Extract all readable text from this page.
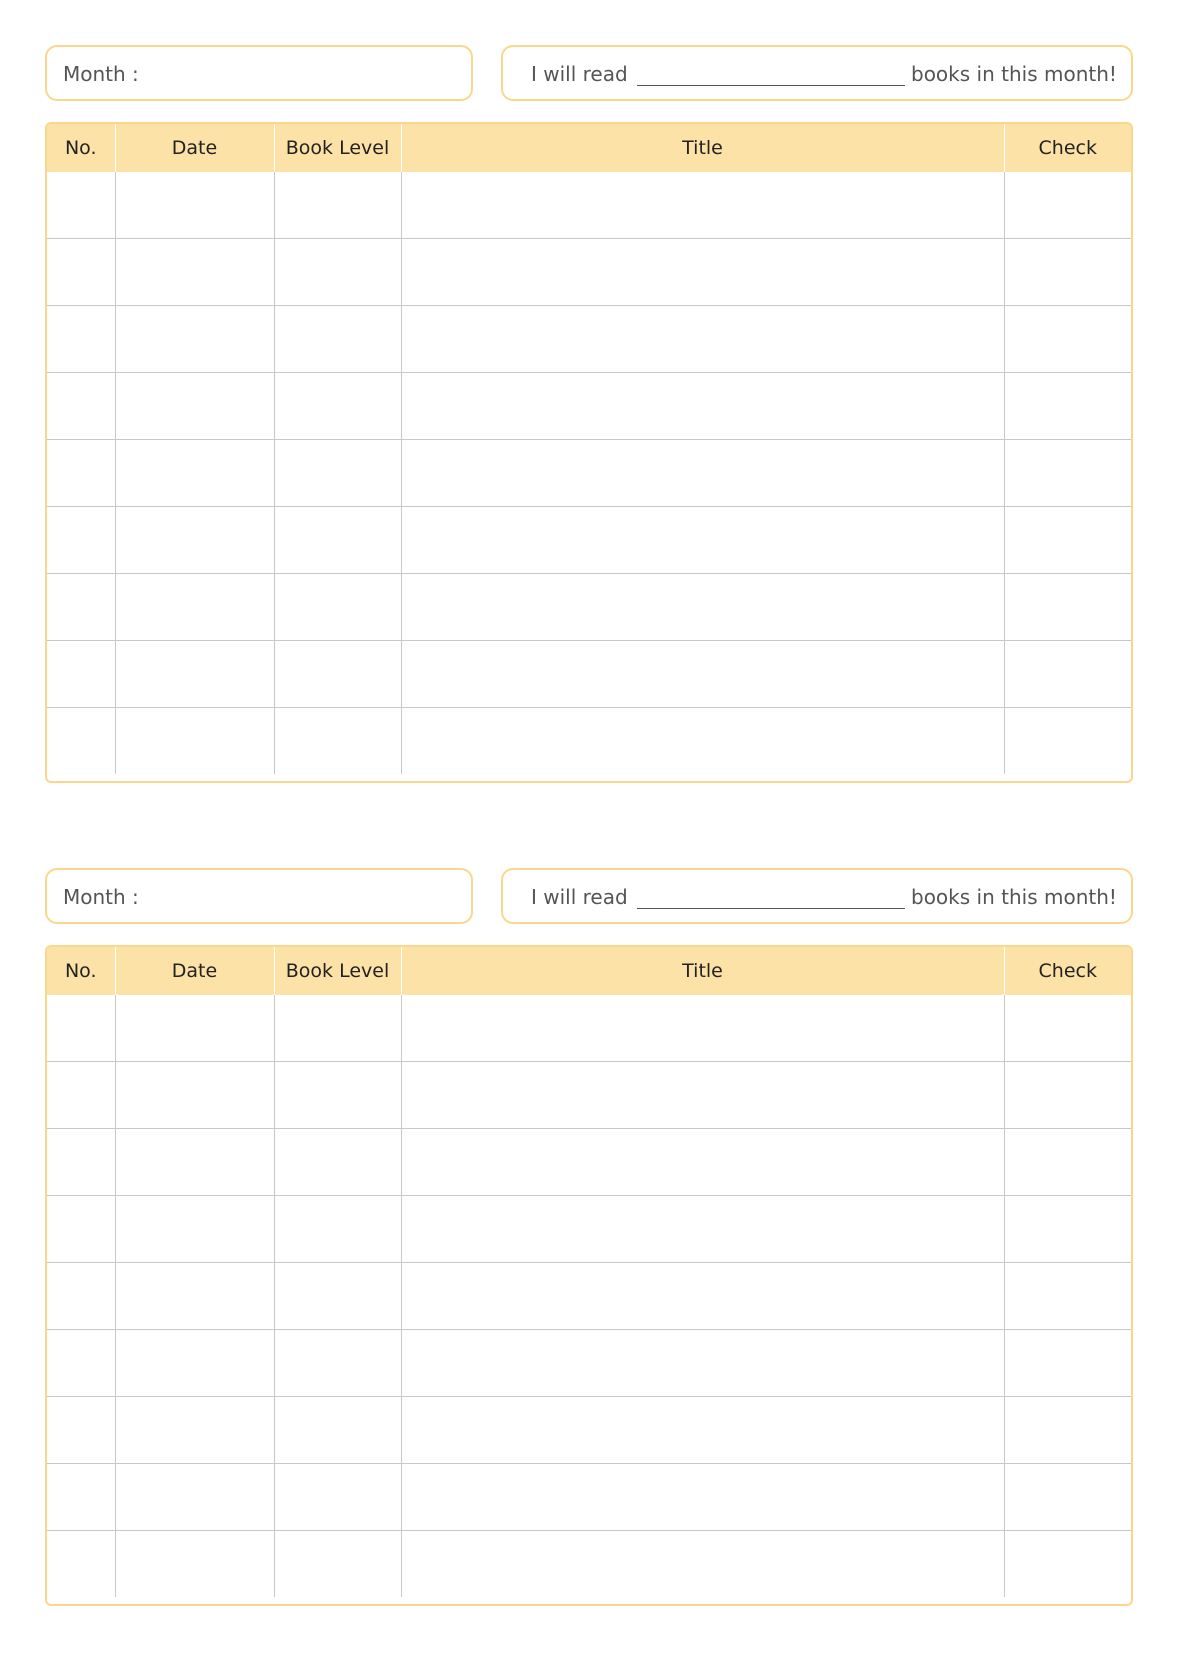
Month :	I will read	books in this month!
No.	Date	Book Level	Title	Check

Month :	I will read	books in this month!
No.	Date	Book Level	Title	Check
